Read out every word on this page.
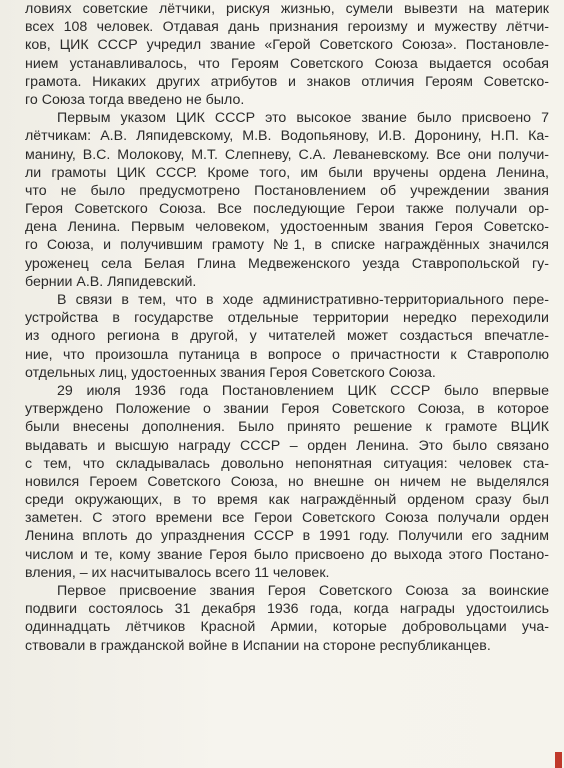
ловиях советские лётчики, рискуя жизнью, сумели вывезти на материк
всех 108 человек. Отдавая дань признания героизму и мужеству лётчи-
ков, ЦИК СССР учредил звание «Герой Советского Союза». Постановле-
нием устанавливалось, что Героям Советского Союза выдается особая
грамота. Никаких других атрибутов и знаков отличия Героям Советско-
го Союза тогда введено не было.
Первым указом ЦИК СССР это высокое звание было присвоено 7
лётчикам: А.В. Ляпидевскому, М.В. Водопьянову, И.В. Доронину, Н.П. Ка-
манину, В.С. Молокову, М.Т. Слепневу, С.А. Леваневскому. Все они получи-
ли грамоты ЦИК СССР. Кроме того, им были вручены ордена Ленина,
что не было предусмотрено Постановлением об учреждении звания
Героя Советского Союза. Все последующие Герои также получали ор-
дена Ленина. Первым человеком, удостоенным звания Героя Советско-
го Союза, и получившим грамоту №1, в списке награждённых значился
уроженец села Белая Глина Медвеженского уезда Ставропольской гу-
бернии А.В. Ляпидевский.
В связи в тем, что в ходе административно-территориального пере-
устройства в государстве отдельные территории нередко переходили
из одного региона в другой, у читателей может создасться впечатле-
ние, что произошла путаница в вопросе о причастности к Ставрополю
отдельных лиц, удостоенных звания Героя Советского Союза.
29 июля 1936 года Постановлением ЦИК СССР было впервые
утверждено Положение о звании Героя Советского Союза, в которое
были внесены дополнения. Было принято решение к грамоте ВЦИК
выдавать и высшую награду СССР – орден Ленина. Это было связано
с тем, что складывалась довольно непонятная ситуация: человек ста-
новился Героем Советского Союза, но внешне он ничем не выделялся
среди окружающих, в то время как награждённый орденом сразу был
заметен. С этого времени все Герои Советского Союза получали орден
Ленина вплоть до упразднения СССР в 1991 году. Получили его задним
числом и те, кому звание Героя было присвоено до выхода этого Постано-
вления, – их насчитывалось всего 11 человек.
Первое присвоение звания Героя Советского Союза за воинские
подвиги состоялось 31 декабря 1936 года, когда награды удостоились
одиннадцать лётчиков Красной Армии, которые добровольцами уча-
ствовали в гражданской войне в Испании на стороне республиканцев.
